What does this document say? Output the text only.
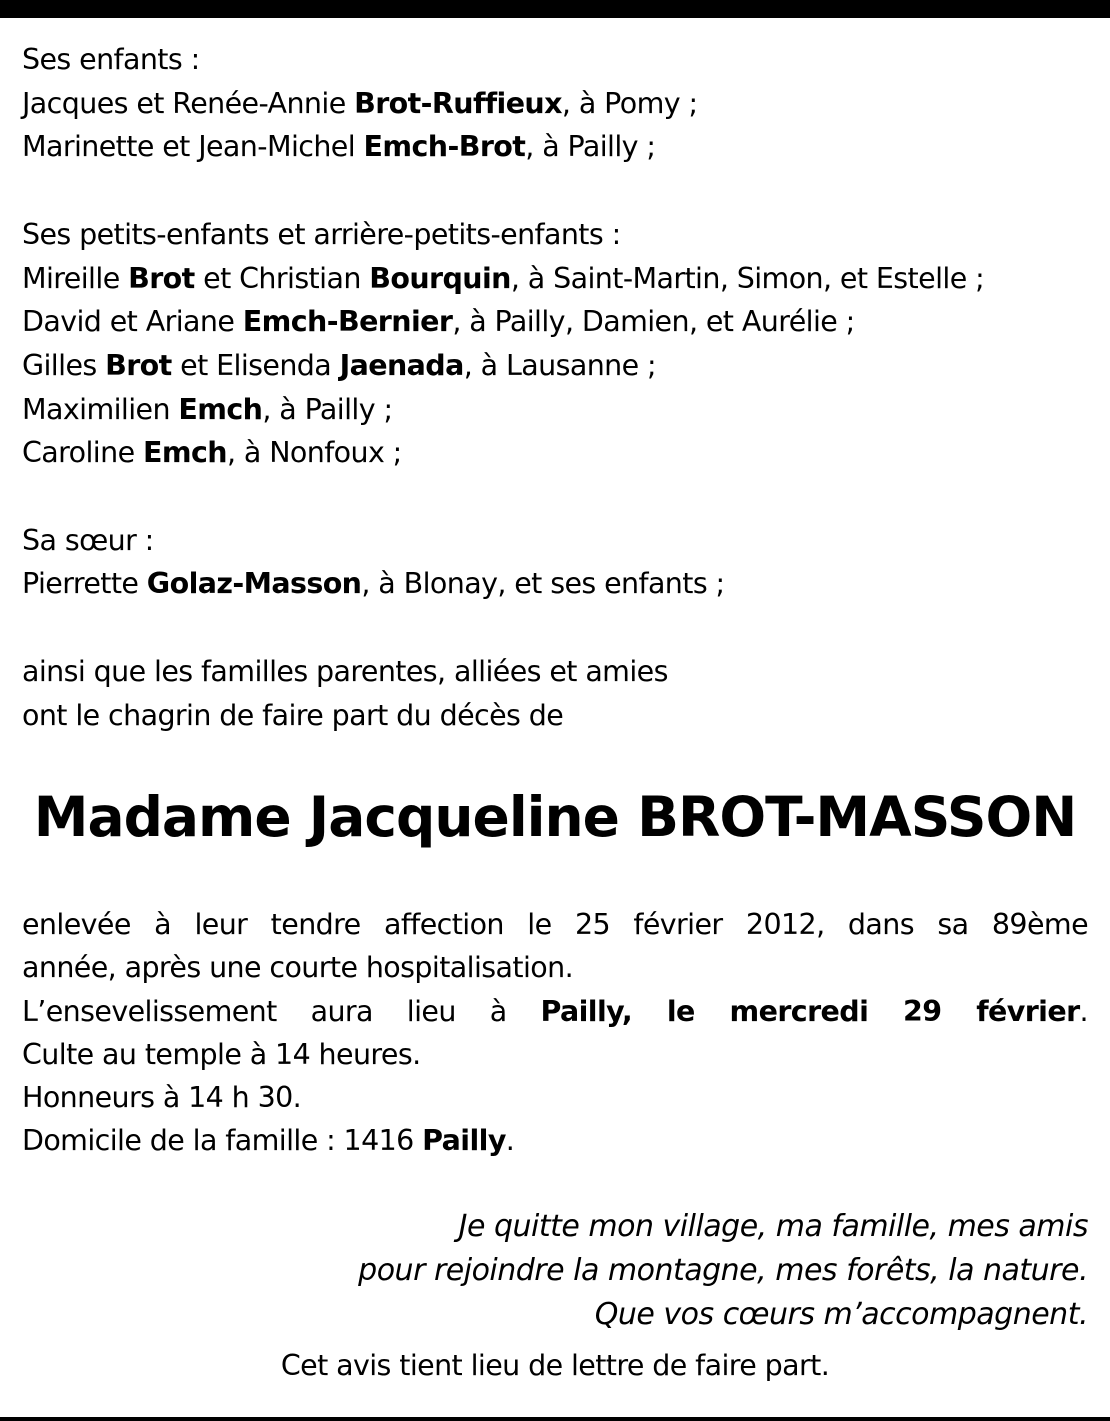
Ses enfants :

Jacques et Renée-Annie Brot-Ruffieux, à Pomy ;

Marinette et Jean-Michel Emch-Brot, à Pailly ;

Ses petits-enfants et arrière-petits-enfants :

Mireille Brot et Christian Bourquin, à Saint-Martin, Simon, et Estelle ;

David et Ariane Emch-Bernier, à Pailly, Damien, et Aurélie ;

Gilles Brot et Elisenda Jaenada, à Lausanne ;

Maximilien Emch, à Pailly ;

Caroline Emch, à Nonfoux ;

Sa sœur :

Pierrette Golaz-Masson, à Blonay, et ses enfants ;

ainsi que les familles parentes, alliées et amies

ont le chagrin de faire part du décès de

Madame Jacqueline BROT-MASSON

enlevée à leur tendre affection le 25 février 2012, dans sa 89ème

année, après une courte hospitalisation.

L’ensevelissement aura lieu à Pailly, le mercredi 29 février.

Culte au temple à 14 heures.

Honneurs à 14 h 30.

Domicile de la famille : 1416 Pailly.

Je quitte mon village, ma famille, mes amis

pour rejoindre la montagne, mes forêts, la nature.

Que vos cœurs m’accompagnent.

Cet avis tient lieu de lettre de faire part.
